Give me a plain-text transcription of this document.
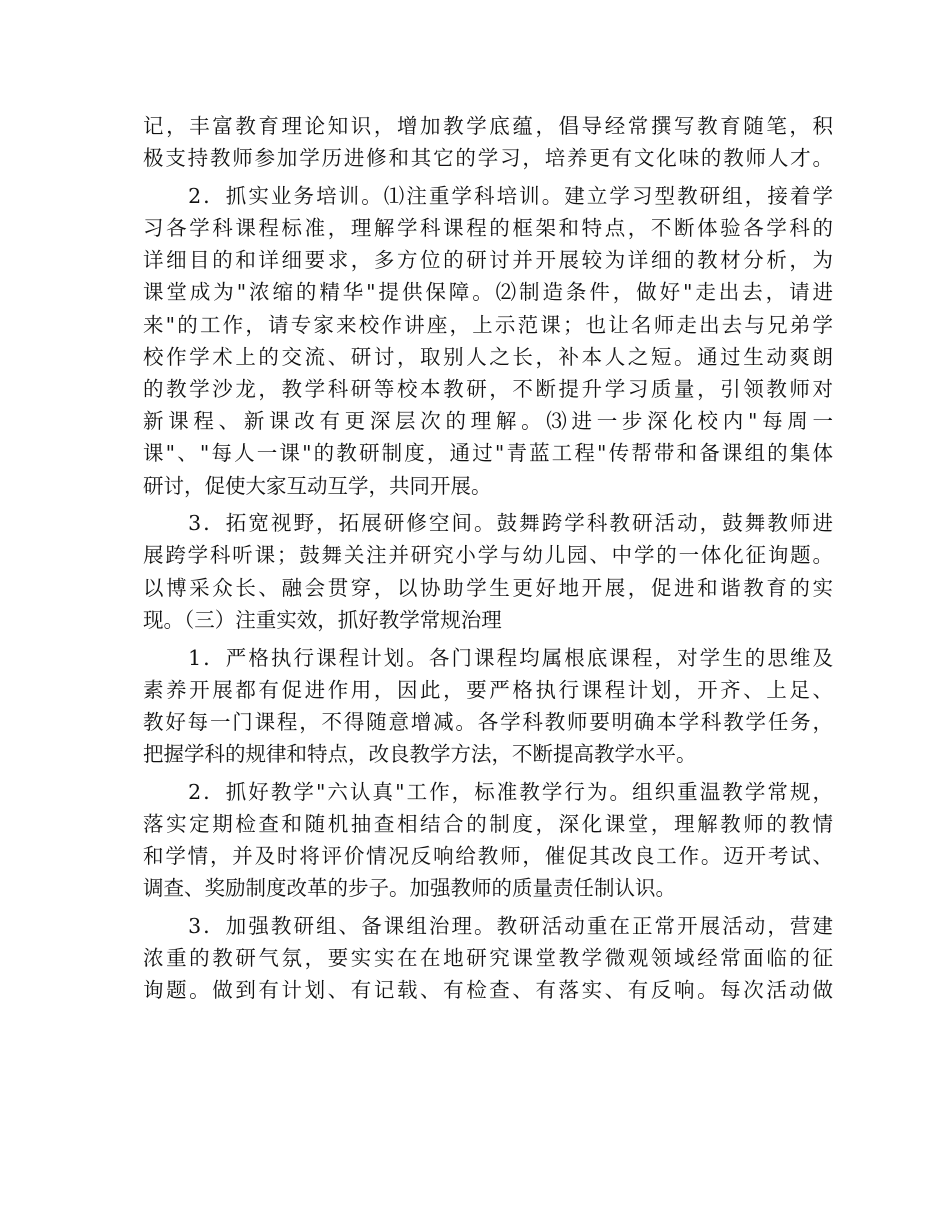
记，丰富教育理论知识，增加教学底蕴，倡导经常撰写教育随笔，积

极支持教师参加学历进修和其它的学习，培养更有文化味的教师人才。

　　2．抓实业务培训。⑴注重学科培训。建立学习型教研组，接着学

习各学科课程标准，理解学科课程的框架和特点，不断体验各学科的

详细目的和详细要求，多方位的研讨并开展较为详细的教材分析，为

课堂成为"浓缩的精华"提供保障。⑵制造条件，做好"走出去，请进

来"的工作，请专家来校作讲座，上示范课；也让名师走出去与兄弟学

校作学术上的交流、研讨，取别人之长，补本人之短。通过生动爽朗

的教学沙龙，教学科研等校本教研，不断提升学习质量，引领教师对

新课程、新课改有更深层次的理解。⑶进一步深化校内"每周一

课"、"每人一课"的教研制度，通过"青蓝工程"传帮带和备课组的集体

研讨，促使大家互动互学，共同开展。

　　3．拓宽视野，拓展研修空间。鼓舞跨学科教研活动，鼓舞教师进

展跨学科听课；鼓舞关注并研究小学与幼儿园、中学的一体化征询题。

以博采众长、融会贯穿，以协助学生更好地开展，促进和谐教育的实

现。（三）注重实效，抓好教学常规治理

　　1．严格执行课程计划。各门课程均属根底课程，对学生的思维及

素养开展都有促进作用，因此，要严格执行课程计划，开齐、上足、

教好每一门课程，不得随意增减。各学科教师要明确本学科教学任务，

把握学科的规律和特点，改良教学方法，不断提高教学水平。

　　2．抓好教学"六认真"工作，标准教学行为。组织重温教学常规，

落实定期检查和随机抽查相结合的制度，深化课堂，理解教师的教情

和学情，并及时将评价情况反响给教师，催促其改良工作。迈开考试、

调查、奖励制度改革的步子。加强教师的质量责任制认识。

　　3．加强教研组、备课组治理。教研活动重在正常开展活动，营建

浓重的教研气氛，要实实在在地研究课堂教学微观领域经常面临的征

询题。做到有计划、有记载、有检查、有落实、有反响。每次活动做
